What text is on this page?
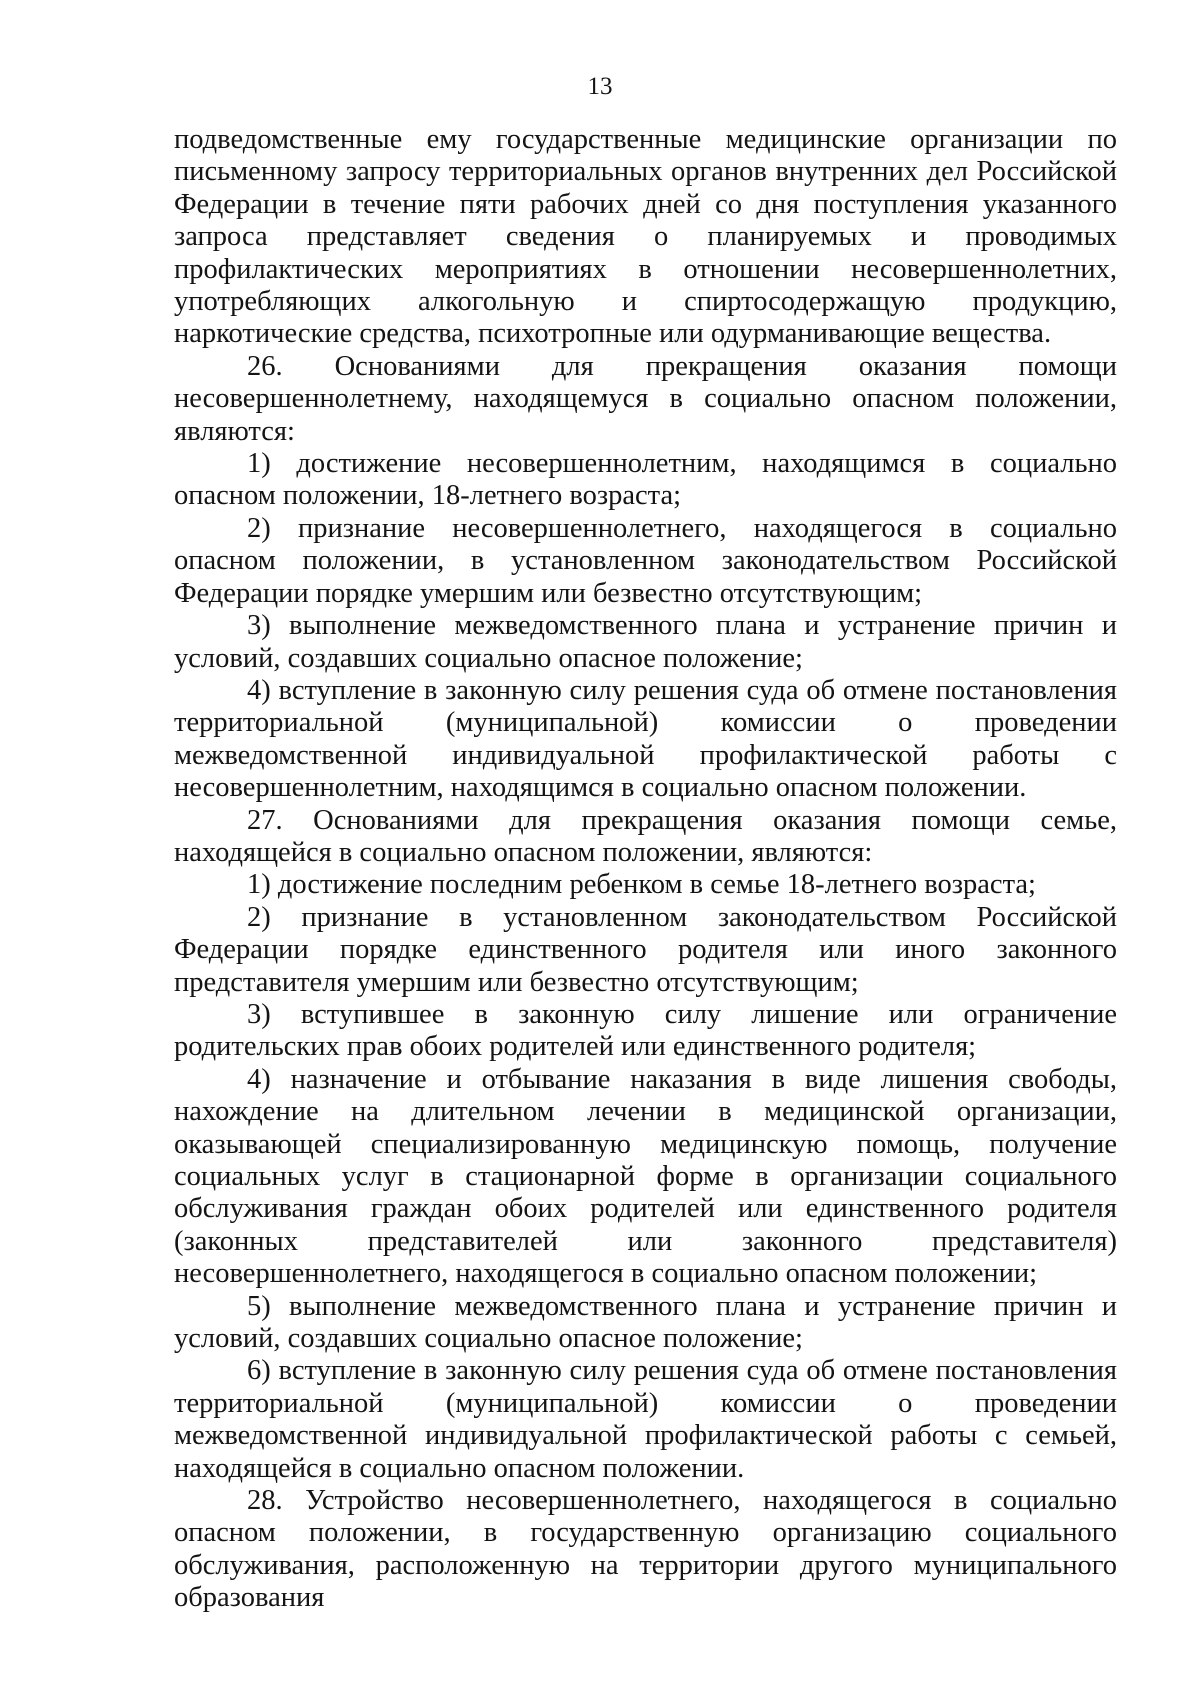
13

подведомственные ему государственные медицинские организации по письменному запросу территориальных органов внутренних дел Российской Федерации в течение пяти рабочих дней со дня поступления указанного запроса представляет сведения о планируемых и проводимых профилактических мероприятиях в отношении несовершеннолетних, употребляющих алкогольную и спиртосодержащую продукцию, наркотические средства, психотропные или одурманивающие вещества.

26. Основаниями для прекращения оказания помощи несовершеннолетнему, находящемуся в социально опасном положении, являются:

1) достижение несовершеннолетним, находящимся в социально опасном положении, 18-летнего возраста;

2) признание несовершеннолетнего, находящегося в социально опасном положении, в установленном законодательством Российской Федерации порядке умершим или безвестно отсутствующим;

3) выполнение межведомственного плана и устранение причин и условий, создавших социально опасное положение;

4) вступление в законную силу решения суда об отмене постановления территориальной (муниципальной) комиссии о проведении межведомственной индивидуальной профилактической работы с несовершеннолетним, находящимся в социально опасном положении.

27. Основаниями для прекращения оказания помощи семье, находящейся в социально опасном положении, являются:

1) достижение последним ребенком в семье 18-летнего возраста;

2) признание в установленном законодательством Российской Федерации порядке единственного родителя или иного законного представителя умершим или безвестно отсутствующим;

3) вступившее в законную силу лишение или ограничение родительских прав обоих родителей или единственного родителя;

4) назначение и отбывание наказания в виде лишения свободы, нахождение на длительном лечении в медицинской организации, оказывающей специализированную медицинскую помощь, получение социальных услуг в стационарной форме в организации социального обслуживания граждан обоих родителей или единственного родителя (законных представителей или законного представителя) несовершеннолетнего, находящегося в социально опасном положении;

5) выполнение межведомственного плана и устранение причин и условий, создавших социально опасное положение;

6) вступление в законную силу решения суда об отмене постановления территориальной (муниципальной) комиссии о проведении межведомственной индивидуальной профилактической работы с семьей, находящейся в социально опасном положении.

28. Устройство несовершеннолетнего, находящегося в социально опасном положении, в государственную организацию социального обслуживания, расположенную на территории другого муниципального образования
